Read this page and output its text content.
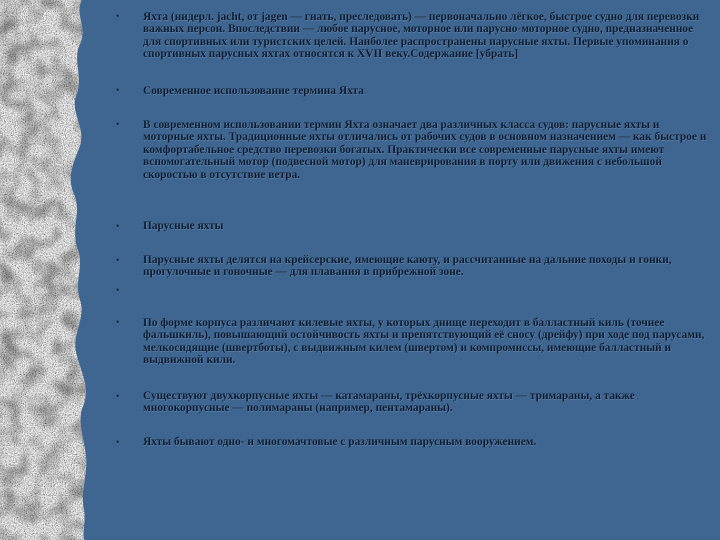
• Яхта (нидерл. jacht, от jagen — гнать, преследовать) — первоначально лёгкое, быстрое судно для перевозки важных персон. Впоследствии — любое парусное, моторное или парусно-моторное судно, предназначенное для спортивных или туристских целей. Наиболее распространены парусные яхты. Первые упоминания о спортивных парусных яхтах относятся к XVII веку.Содержание [убрать]
• Современное использование термина Яхта
• В современном использовании термин Яхта означает два различных класса судов: парусные яхты и моторные яхты. Традиционные яхты отличались от рабочих судов в основном назначением — как быстрое и комфортабельное средство перевозки богатых. Практически все современные парусные яхты имеют вспомогательный мотор (подвесной мотор) для маневрирования в порту или движения с небольшой скоростью в отсутствие ветра.
• Парусные яхты
• Парусные яхты делятся на крейсерские, имеющие каюту, и рассчитанные на дальние походы и гонки, прогулочные и гоночные — для плавания в прибрежной зоне.
•
• По форме корпуса различают килевые яхты, у которых днище переходит в балластный киль (точнее фальшкиль), повышающий остойчивость яхты и препятствующий её сносу (дрейфу) при ходе под парусами, мелкосидящие (швертботы), с выдвижным килем (швертом) и компромиссы, имеющие балластный и выдвижной кили.
• Существуют двухкорпусные яхты — катамараны, трёхкорпусные яхты — тримараны, а также многокорпусные — полимараны (например, пентамараны).
• Яхты бывают одно- и многомачтовые с различным парусным вооружением.
